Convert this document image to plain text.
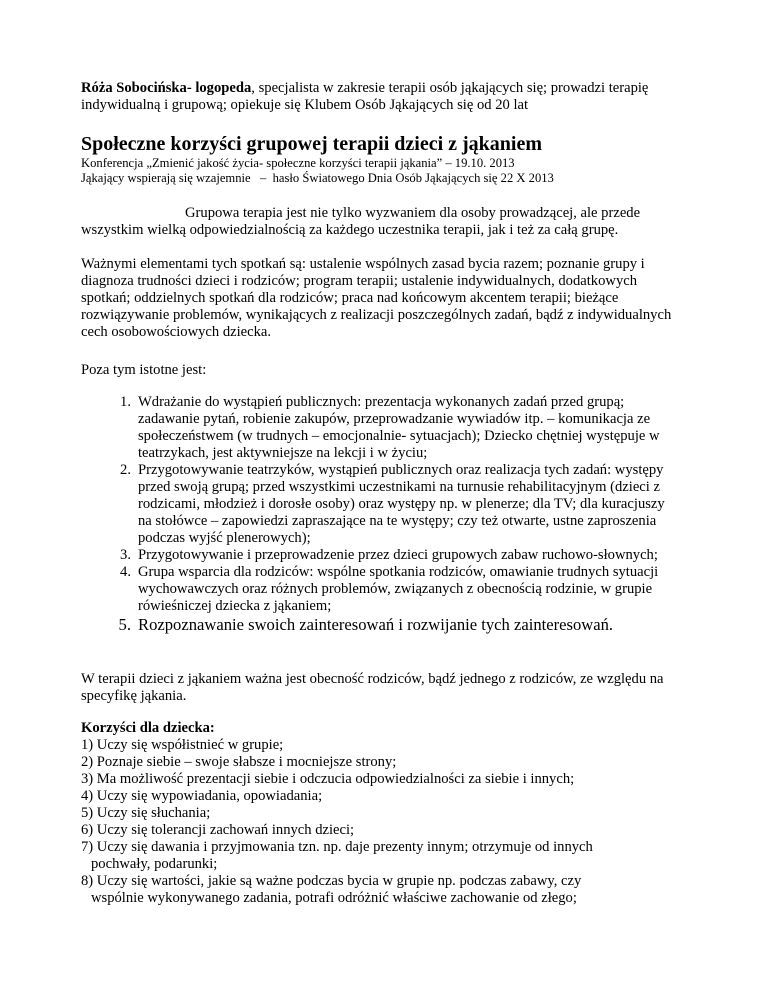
Róża Sobocińska- logopeda, specjalista w zakresie terapii osób jąkających się; prowadzi terapię indywidualną i grupową; opiekuje się Klubem Osób Jąkających się od 20 lat
Społeczne korzyści grupowej terapii dzieci z jąkaniem
Konferencja „Zmienić jakość życia- społeczne korzyści terapii jąkania” – 19.10. 2013
Jąkający wspierają się wzajemnie   –  hasło Światowego Dnia Osób Jąkających się 22 X 2013
Grupowa terapia jest nie tylko wyzwaniem dla osoby prowadzącej, ale przede wszystkim wielką odpowiedzialnością za każdego uczestnika terapii, jak i też za całą grupę.
Ważnymi elementami tych spotkań są: ustalenie wspólnych zasad bycia razem; poznanie grupy i diagnoza trudności dzieci i rodziców; program terapii; ustalenie indywidualnych, dodatkowych spotkań; oddzielnych spotkań dla rodziców; praca nad końcowym akcentem terapii; bieżące rozwiązywanie problemów, wynikających z realizacji poszczególnych zadań, bądź z indywidualnych cech osobowościowych dziecka.
Poza tym istotne jest:
1. Wdrażanie do wystąpień publicznych: prezentacja wykonanych zadań przed grupą; zadawanie pytań, robienie zakupów, przeprowadzanie wywiadów itp. – komunikacja ze społeczeństwem (w trudnych – emocjonalnie- sytuacjach); Dziecko chętniej występuje w teatrzykach, jest aktywniejsze na lekcji i w życiu;
2. Przygotowywanie teatrzyków, wystąpień publicznych oraz realizacja tych zadań: występy przed swoją grupą; przed wszystkimi uczestnikami na turnusie rehabilitacyjnym (dzieci z rodzicami, młodzież i dorosłe osoby) oraz występy np. w plenerze; dla TV; dla kuracjuszy na stołówce – zapowiedzi zapraszające na te występy; czy też otwarte, ustne zaproszenia podczas wyjść plenerowych);
3. Przygotowywanie i przeprowadzenie przez dzieci grupowych zabaw ruchowo-słownych;
4. Grupa wsparcia dla rodziców: wspólne spotkania rodziców, omawianie trudnych sytuacji wychowawczych oraz różnych problemów, związanych z obecnością rodzinie, w grupie rówieśniczej dziecka z jąkaniem;
5. Rozpoznawanie swoich zainteresowań i rozwijanie tych zainteresowań.
W terapii dzieci z jąkaniem ważna jest obecność rodziców, bądź jednego z rodziców, ze względu na specyfikę jąkania.
Korzyści dla dziecka:
1) Uczy się współistnieć w grupie;
2) Poznaje siebie – swoje słabsze i mocniejsze strony;
3) Ma możliwość prezentacji siebie i odczucia odpowiedzialności za siebie i innych;
4) Uczy się wypowiadania, opowiadania;
5) Uczy się słuchania;
6) Uczy się tolerancji zachowań innych dzieci;
7) Uczy się dawania i przyjmowania tzn. np. daje prezenty innym; otrzymuje od innych
pochwały, podarunki;
8) Uczy się wartości, jakie są ważne podczas bycia w grupie np. podczas zabawy, czy
wspólnie wykonywanego zadania, potrafi odróżnić właściwe zachowanie od złego;
